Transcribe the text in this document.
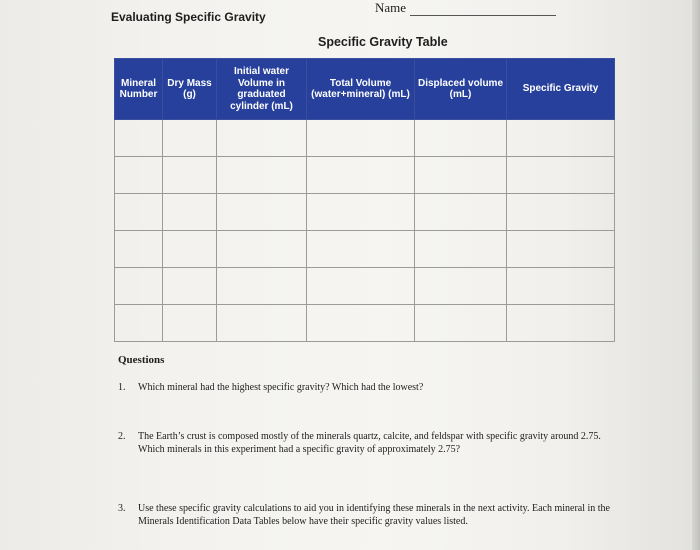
Evaluating Specific Gravity
Name
Specific Gravity Table
Mineral Number	Dry Mass (g)	Initial water Volume in graduated cylinder (mL)	Total Volume (water+mineral) (mL)	Displaced volume (mL)	Specific Gravity

Questions
1. Which mineral had the highest specific gravity? Which had the lowest?
2. The Earth’s crust is composed mostly of the minerals quartz, calcite, and feldspar with specific gravity around 2.75. Which minerals in this experiment had a specific gravity of approximately 2.75?
3. Use these specific gravity calculations to aid you in identifying these minerals in the next activity. Each mineral in the Minerals Identification Data Tables below have their specific gravity values listed.
